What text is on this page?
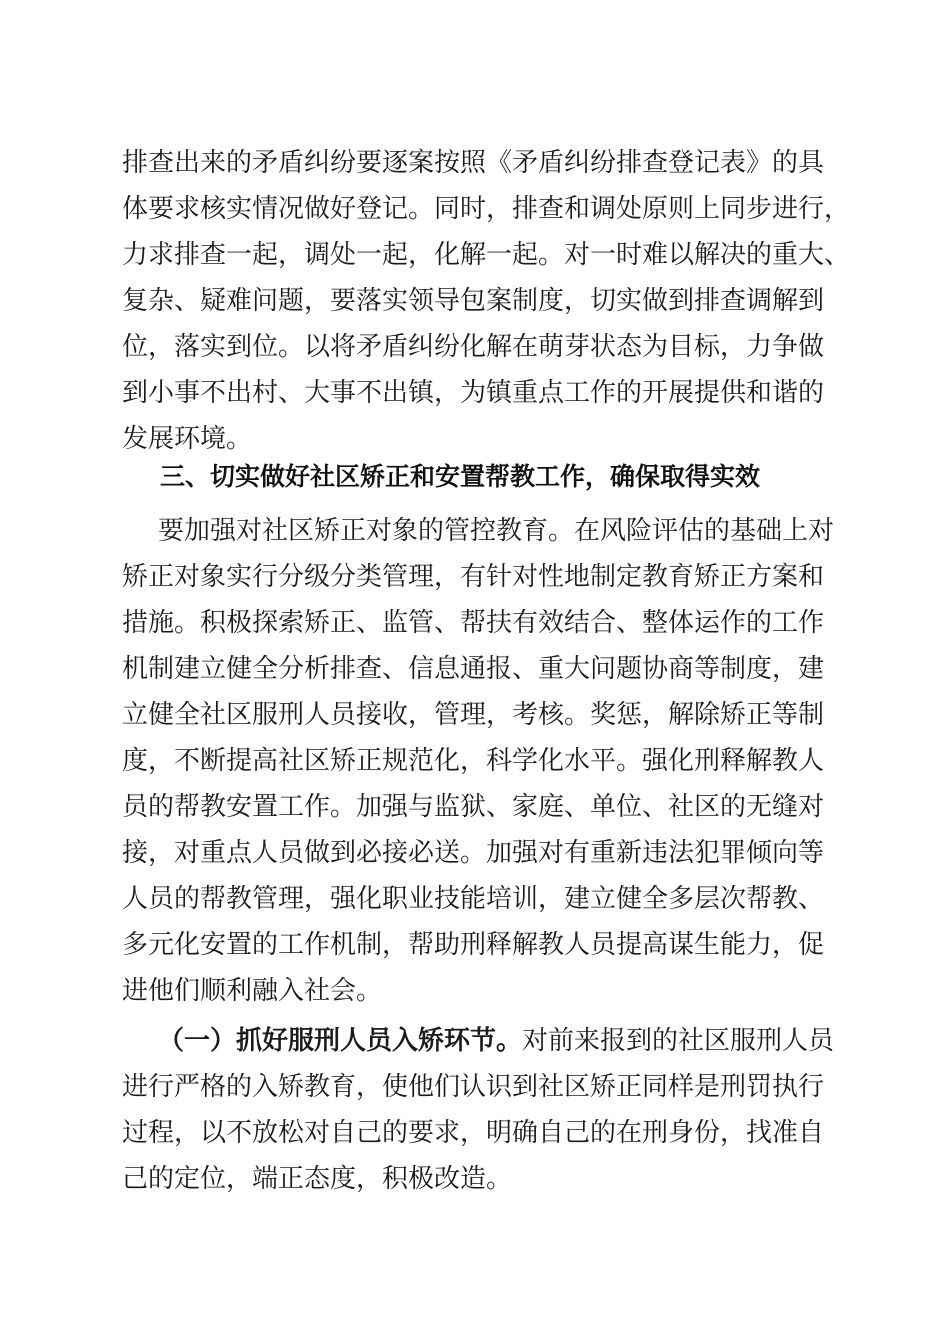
排查出来的矛盾纠纷要逐案按照《矛盾纠纷排查登记表》的具
体要求核实情况做好登记。同时，排查和调处原则上同步进行，
力求排查一起，调处一起，化解一起。对一时难以解决的重大、
复杂、疑难问题，要落实领导包案制度，切实做到排查调解到
位，落实到位。以将矛盾纠纷化解在萌芽状态为目标，力争做
到小事不出村、大事不出镇，为镇重点工作的开展提供和谐的
发展环境。
三、切实做好社区矫正和安置帮教工作，确保取得实效
要加强对社区矫正对象的管控教育。在风险评估的基础上对
矫正对象实行分级分类管理，有针对性地制定教育矫正方案和
措施。积极探索矫正、监管、帮扶有效结合、整体运作的工作
机制建立健全分析排查、信息通报、重大问题协商等制度，建
立健全社区服刑人员接收，管理，考核。奖惩，解除矫正等制
度，不断提高社区矫正规范化，科学化水平。强化刑释解教人
员的帮教安置工作。加强与监狱、家庭、单位、社区的无缝对
接，对重点人员做到必接必送。加强对有重新违法犯罪倾向等
人员的帮教管理，强化职业技能培训，建立健全多层次帮教、
多元化安置的工作机制，帮助刑释解教人员提高谋生能力，促
进他们顺利融入社会。
（一）抓好服刑人员入矫环节。对前来报到的社区服刑人员
进行严格的入矫教育，使他们认识到社区矫正同样是刑罚执行
过程，以不放松对自己的要求，明确自己的在刑身份，找准自
己的定位，端正态度，积极改造。
